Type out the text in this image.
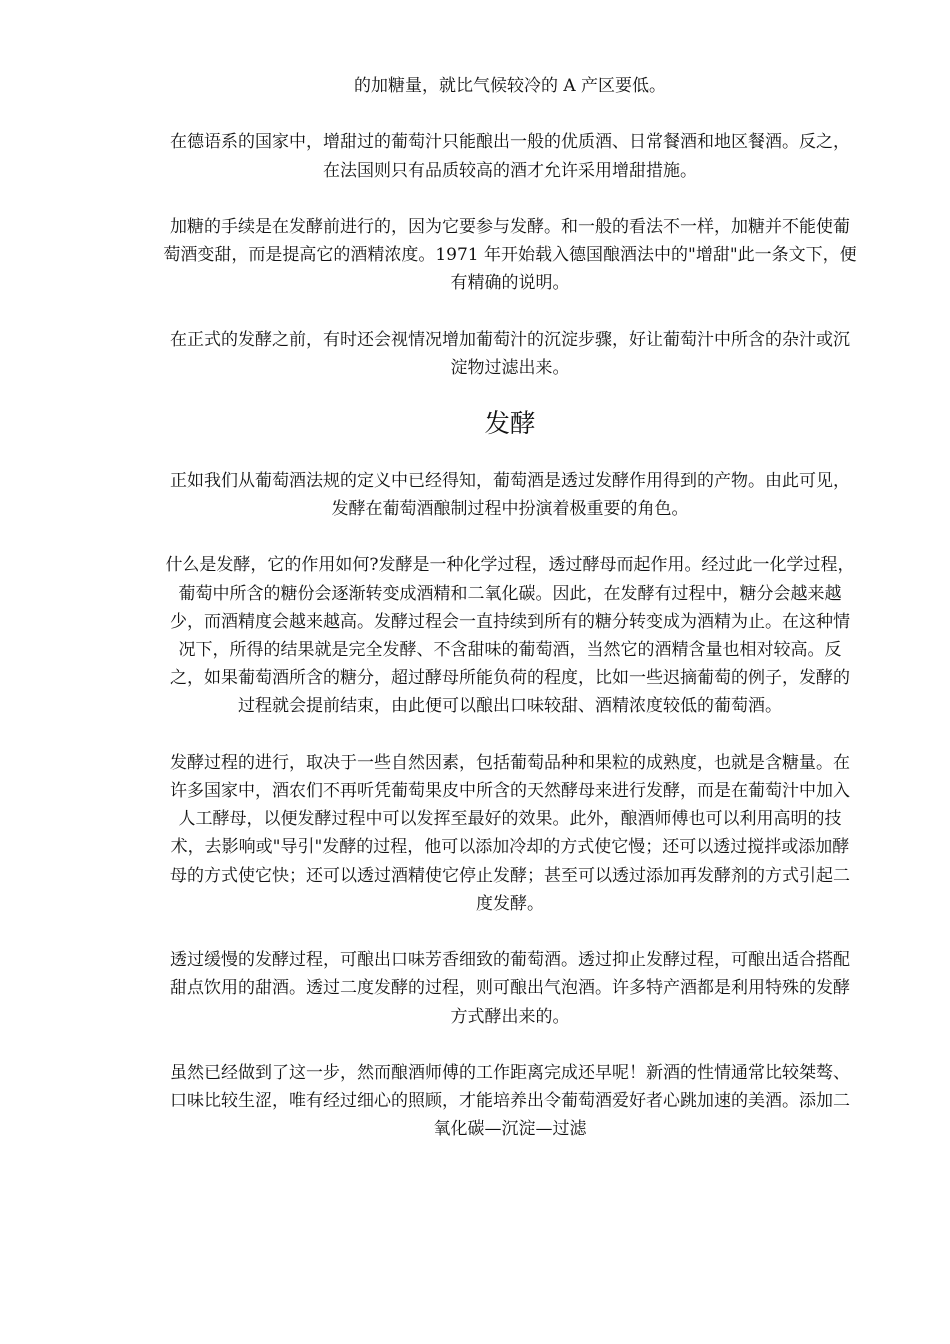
的加糖量，就比气候较冷的 A 产区要低。

在德语系的国家中，增甜过的葡萄汁只能酿出一般的优质酒、日常餐酒和地区餐酒。反之，在法国则只有品质较高的酒才允许采用增甜措施。

加糖的手续是在发酵前进行的，因为它要参与发酵。和一般的看法不一样，加糖并不能使葡萄酒变甜，而是提高它的酒精浓度。1971 年开始载入德国酿酒法中的"增甜"此一条文下，便有精确的说明。

在正式的发酵之前，有时还会视情况增加葡萄汁的沉淀步骤，好让葡萄汁中所含的杂汁或沉淀物过滤出来。

发酵

正如我们从葡萄酒法规的定义中已经得知，葡萄酒是透过发酵作用得到的产物。由此可见，发酵在葡萄酒酿制过程中扮演着极重要的角色。

什么是发酵，它的作用如何?发酵是一种化学过程，透过酵母而起作用。经过此一化学过程，葡萄中所含的糖份会逐渐转变成酒精和二氧化碳。因此，在发酵有过程中，糖分会越来越少，而酒精度会越来越高。发酵过程会一直持续到所有的糖分转变成为酒精为止。在这种情况下，所得的结果就是完全发酵、不含甜味的葡萄酒，当然它的酒精含量也相对较高。反之，如果葡萄酒所含的糖分，超过酵母所能负荷的程度，比如一些迟摘葡萄的例子，发酵的过程就会提前结束，由此便可以酿出口味较甜、酒精浓度较低的葡萄酒。

发酵过程的进行，取决于一些自然因素，包括葡萄品种和果粒的成熟度，也就是含糖量。在许多国家中，酒农们不再听凭葡萄果皮中所含的天然酵母来进行发酵，而是在葡萄汁中加入人工酵母，以便发酵过程中可以发挥至最好的效果。此外，酿酒师傅也可以利用高明的技术，去影响或"导引"发酵的过程，他可以添加冷却的方式使它慢；还可以透过搅拌或添加酵母的方式使它快；还可以透过酒精使它停止发酵；甚至可以透过添加再发酵剂的方式引起二度发酵。

透过缓慢的发酵过程，可酿出口味芳香细致的葡萄酒。透过抑止发酵过程，可酿出适合搭配甜点饮用的甜酒。透过二度发酵的过程，则可酿出气泡酒。许多特产酒都是利用特殊的发酵方式酵出来的。

虽然已经做到了这一步，然而酿酒师傅的工作距离完成还早呢！新酒的性情通常比较桀骜、口味比较生涩，唯有经过细心的照顾，才能培养出令葡萄酒爱好者心跳加速的美酒。添加二氧化碳—沉淀—过滤
